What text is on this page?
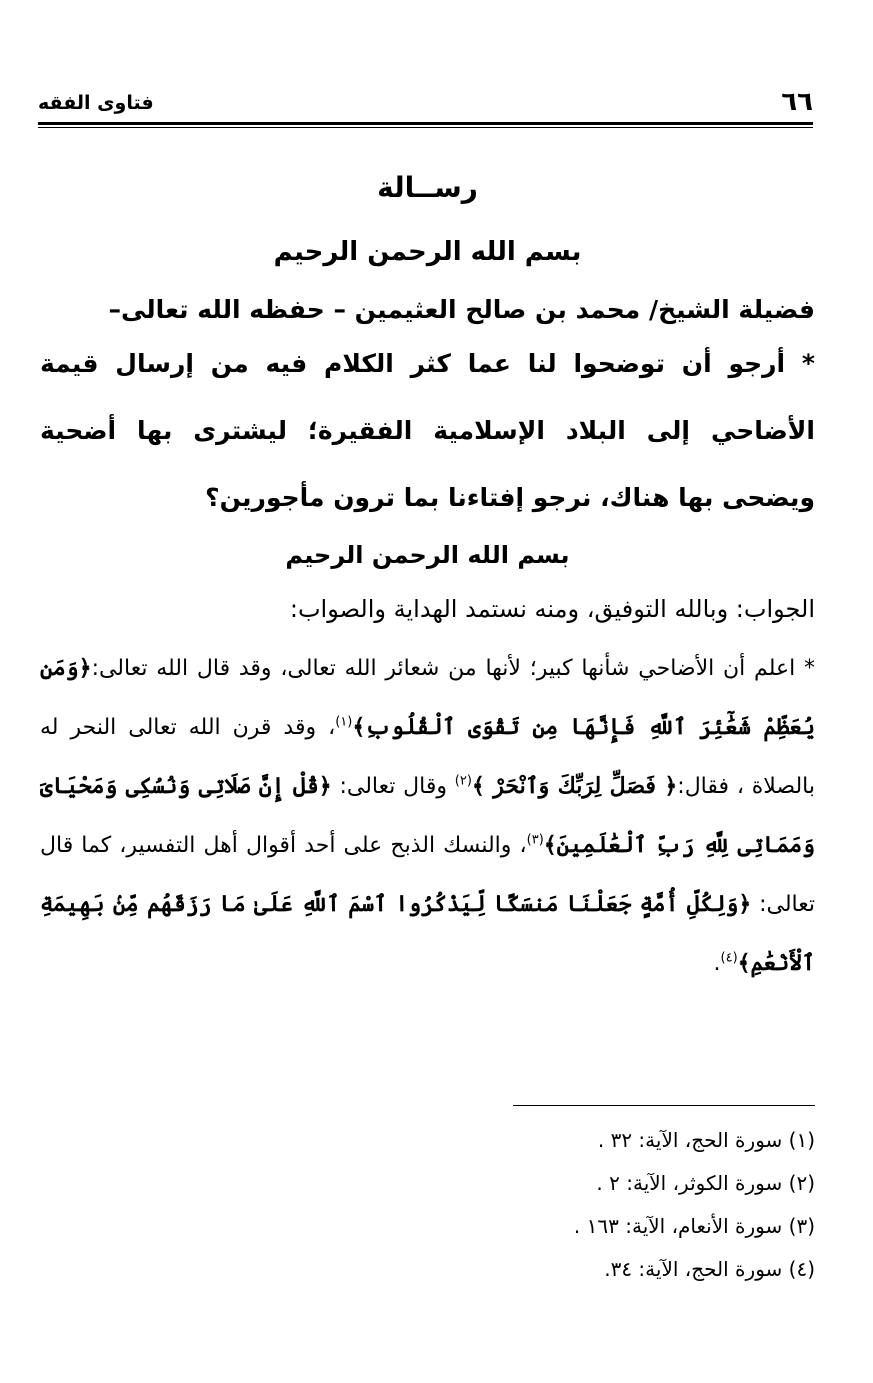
٦٦
فتاوى الفقه
رســالة
بسم الله الرحمن الرحيم
فضيلة الشيخ/ محمد بن صالح العثيمين – حفظه الله تعالى–
* أرجو أن توضحوا لنا عما كثر الكلام فيه من إرسال قيمة الأضاحي إلى البلاد الإسلامية الفقيرة؛ ليشترى بها أضحية ويضحى بها هناك، نرجو إفتاءنا بما ترون مأجورين؟
بسم الله الرحمن الرحيم
الجواب: وبالله التوفيق، ومنه نستمد الهداية والصواب:
* اعلم أن الأضاحي شأنها كبير؛ لأنها من شعائر الله تعالى، وقد قال الله تعالى:﴿وَمَن يُعَظِّمْ شَعَٰٓئِرَ ٱللَّهِ فَإِنَّهَا مِن تَقْوَى ٱلْقُلُوبِ﴾$^{(١)}$، وقد قرن الله تعالى النحر له بالصلاة ، فقال:﴿ فَصَلِّ لِرَبِّكَ وَٱنْحَرْ ﴾$^{(٢)}$ وقال تعالى: ﴿قُلْ إِنَّ صَلَاتِى وَنُسُكِى وَمَحْيَاىَ وَمَمَاتِى لِلَّهِ رَبِّ ٱلْعَٰلَمِينَ﴾$^{(٣)}$، والنسك الذبح على أحد أقوال أهل التفسير، كما قال تعالى: ﴿وَلِكُلِّ أُمَّةٍ جَعَلْنَا مَنسَكًا لِّيَذْكُرُوا ٱسْمَ ٱللَّهِ عَلَىٰ مَا رَزَقَهُم مِّنۢ بَهِيمَةِ ٱلْأَنْعَٰمِ﴾$^{(٤)}$.
(١) سورة الحج، الآية: ٣٢ .
(٢) سورة الكوثر، الآية: ٢ .
(٣) سورة الأنعام، الآية: ١٦٣ .
(٤) سورة الحج، الآية: ٣٤.
